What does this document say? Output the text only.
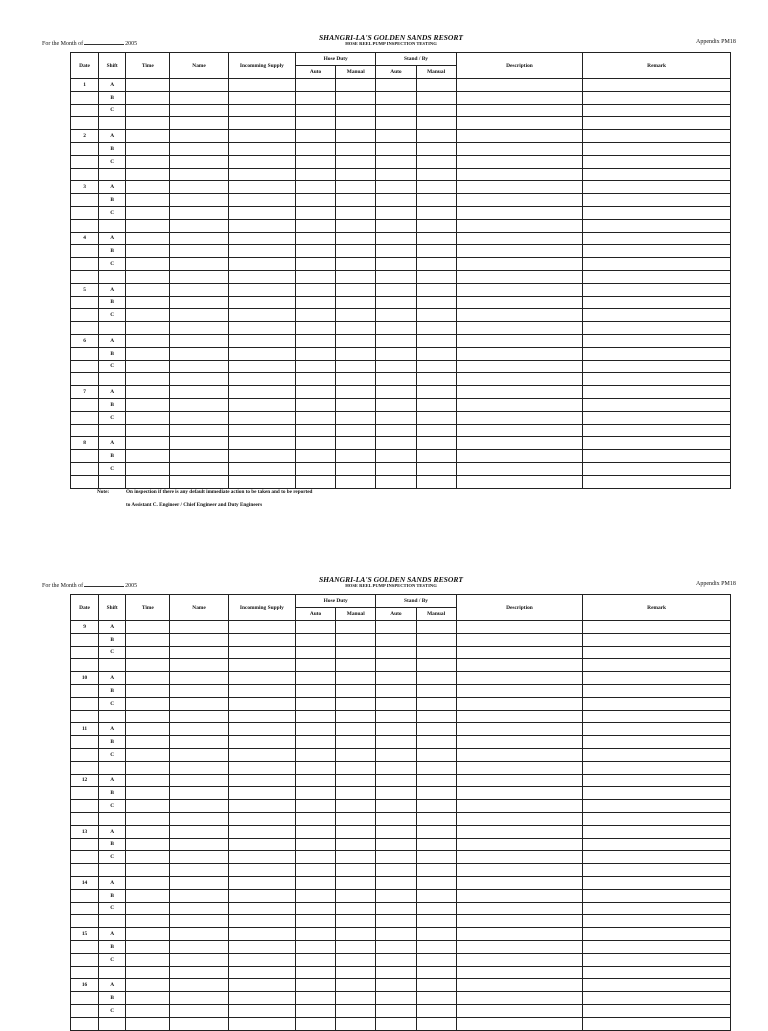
For the Month of	2005
SHANGRI-LA'S GOLDEN SANDS RESORT
HOSE REEL PUMP INSPECTION TESTING	Appendix PM18
Date	Shift	Time	Name	Incomming Supply	Hose Duty		Stand / By		Description	Remark
					Auto	Manual	Auto	Manual		
1	A									
	B									
	C									

2	A									
	B									
	C									

3	A									
	B									
	C									

4	A									
	B									
	C									

5	A									
	B									
	C									

6	A									
	B									
	C									

7	A									
	B									
	C									

8	A									
	B									
	C									

Note:	On inspection if there is any default immediate action to be taken and to be reported
to Assistant C. Engineer / Chief Engineer and Duty Engineers
For the Month of	2005
SHANGRI-LA'S GOLDEN SANDS RESORT
HOSE REEL PUMP INSPECTION TESTING	Appendix PM18
Date	Shift	Time	Name	Incomming Supply	Hose Duty		Stand / By		Description	Remark
					Auto	Manual	Auto	Manual		
9	A									
	B									
	C									

10	A									
	B									
	C									

11	A									
	B									
	C									

12	A									
	B									
	C									

13	A									
	B									
	C									

14	A									
	B									
	C									

15	A									
	B									
	C									

16	A									
	B									
	C									
